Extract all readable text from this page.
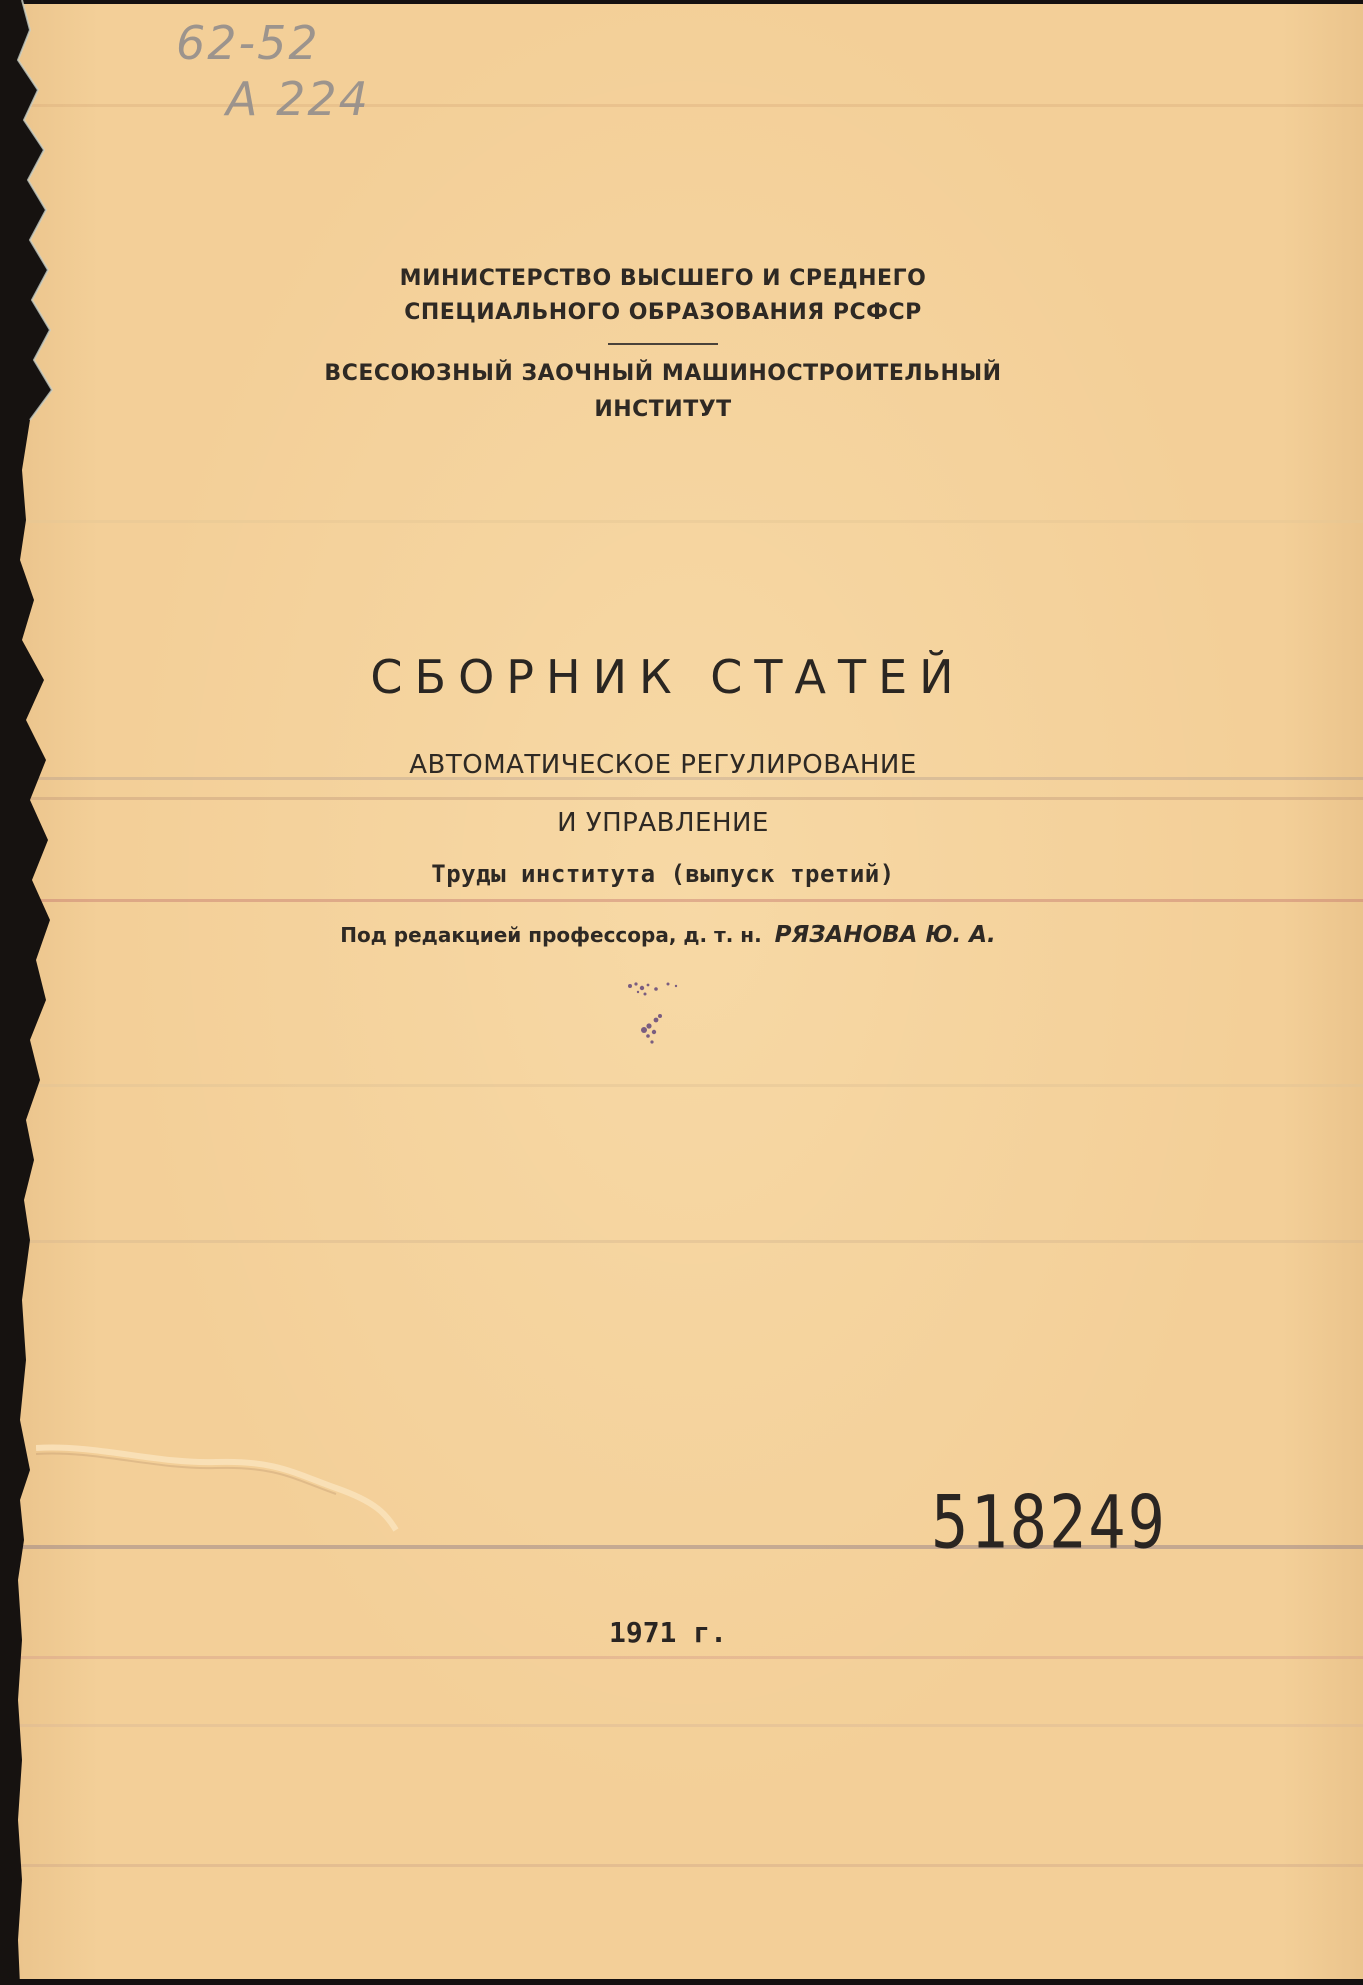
62-52
A 224
МИНИСТЕРСТВО ВЫСШЕГО И СРЕДНЕГО
СПЕЦИАЛЬНОГО ОБРАЗОВАНИЯ РСФСР
ВСЕСОЮЗНЫЙ ЗАОЧНЫЙ МАШИНОСТРОИТЕЛЬНЫЙ
ИНСТИТУТ
СБОРНИК СТАТЕЙ
АВТОМАТИЧЕСКОЕ РЕГУЛИРОВАНИЕ
И УПРАВЛЕНИЕ
Труды института (выпуск третий)
Под редакцией профессора, д. т. н. РЯЗАНОВА Ю. А.
518249
1971 г.
